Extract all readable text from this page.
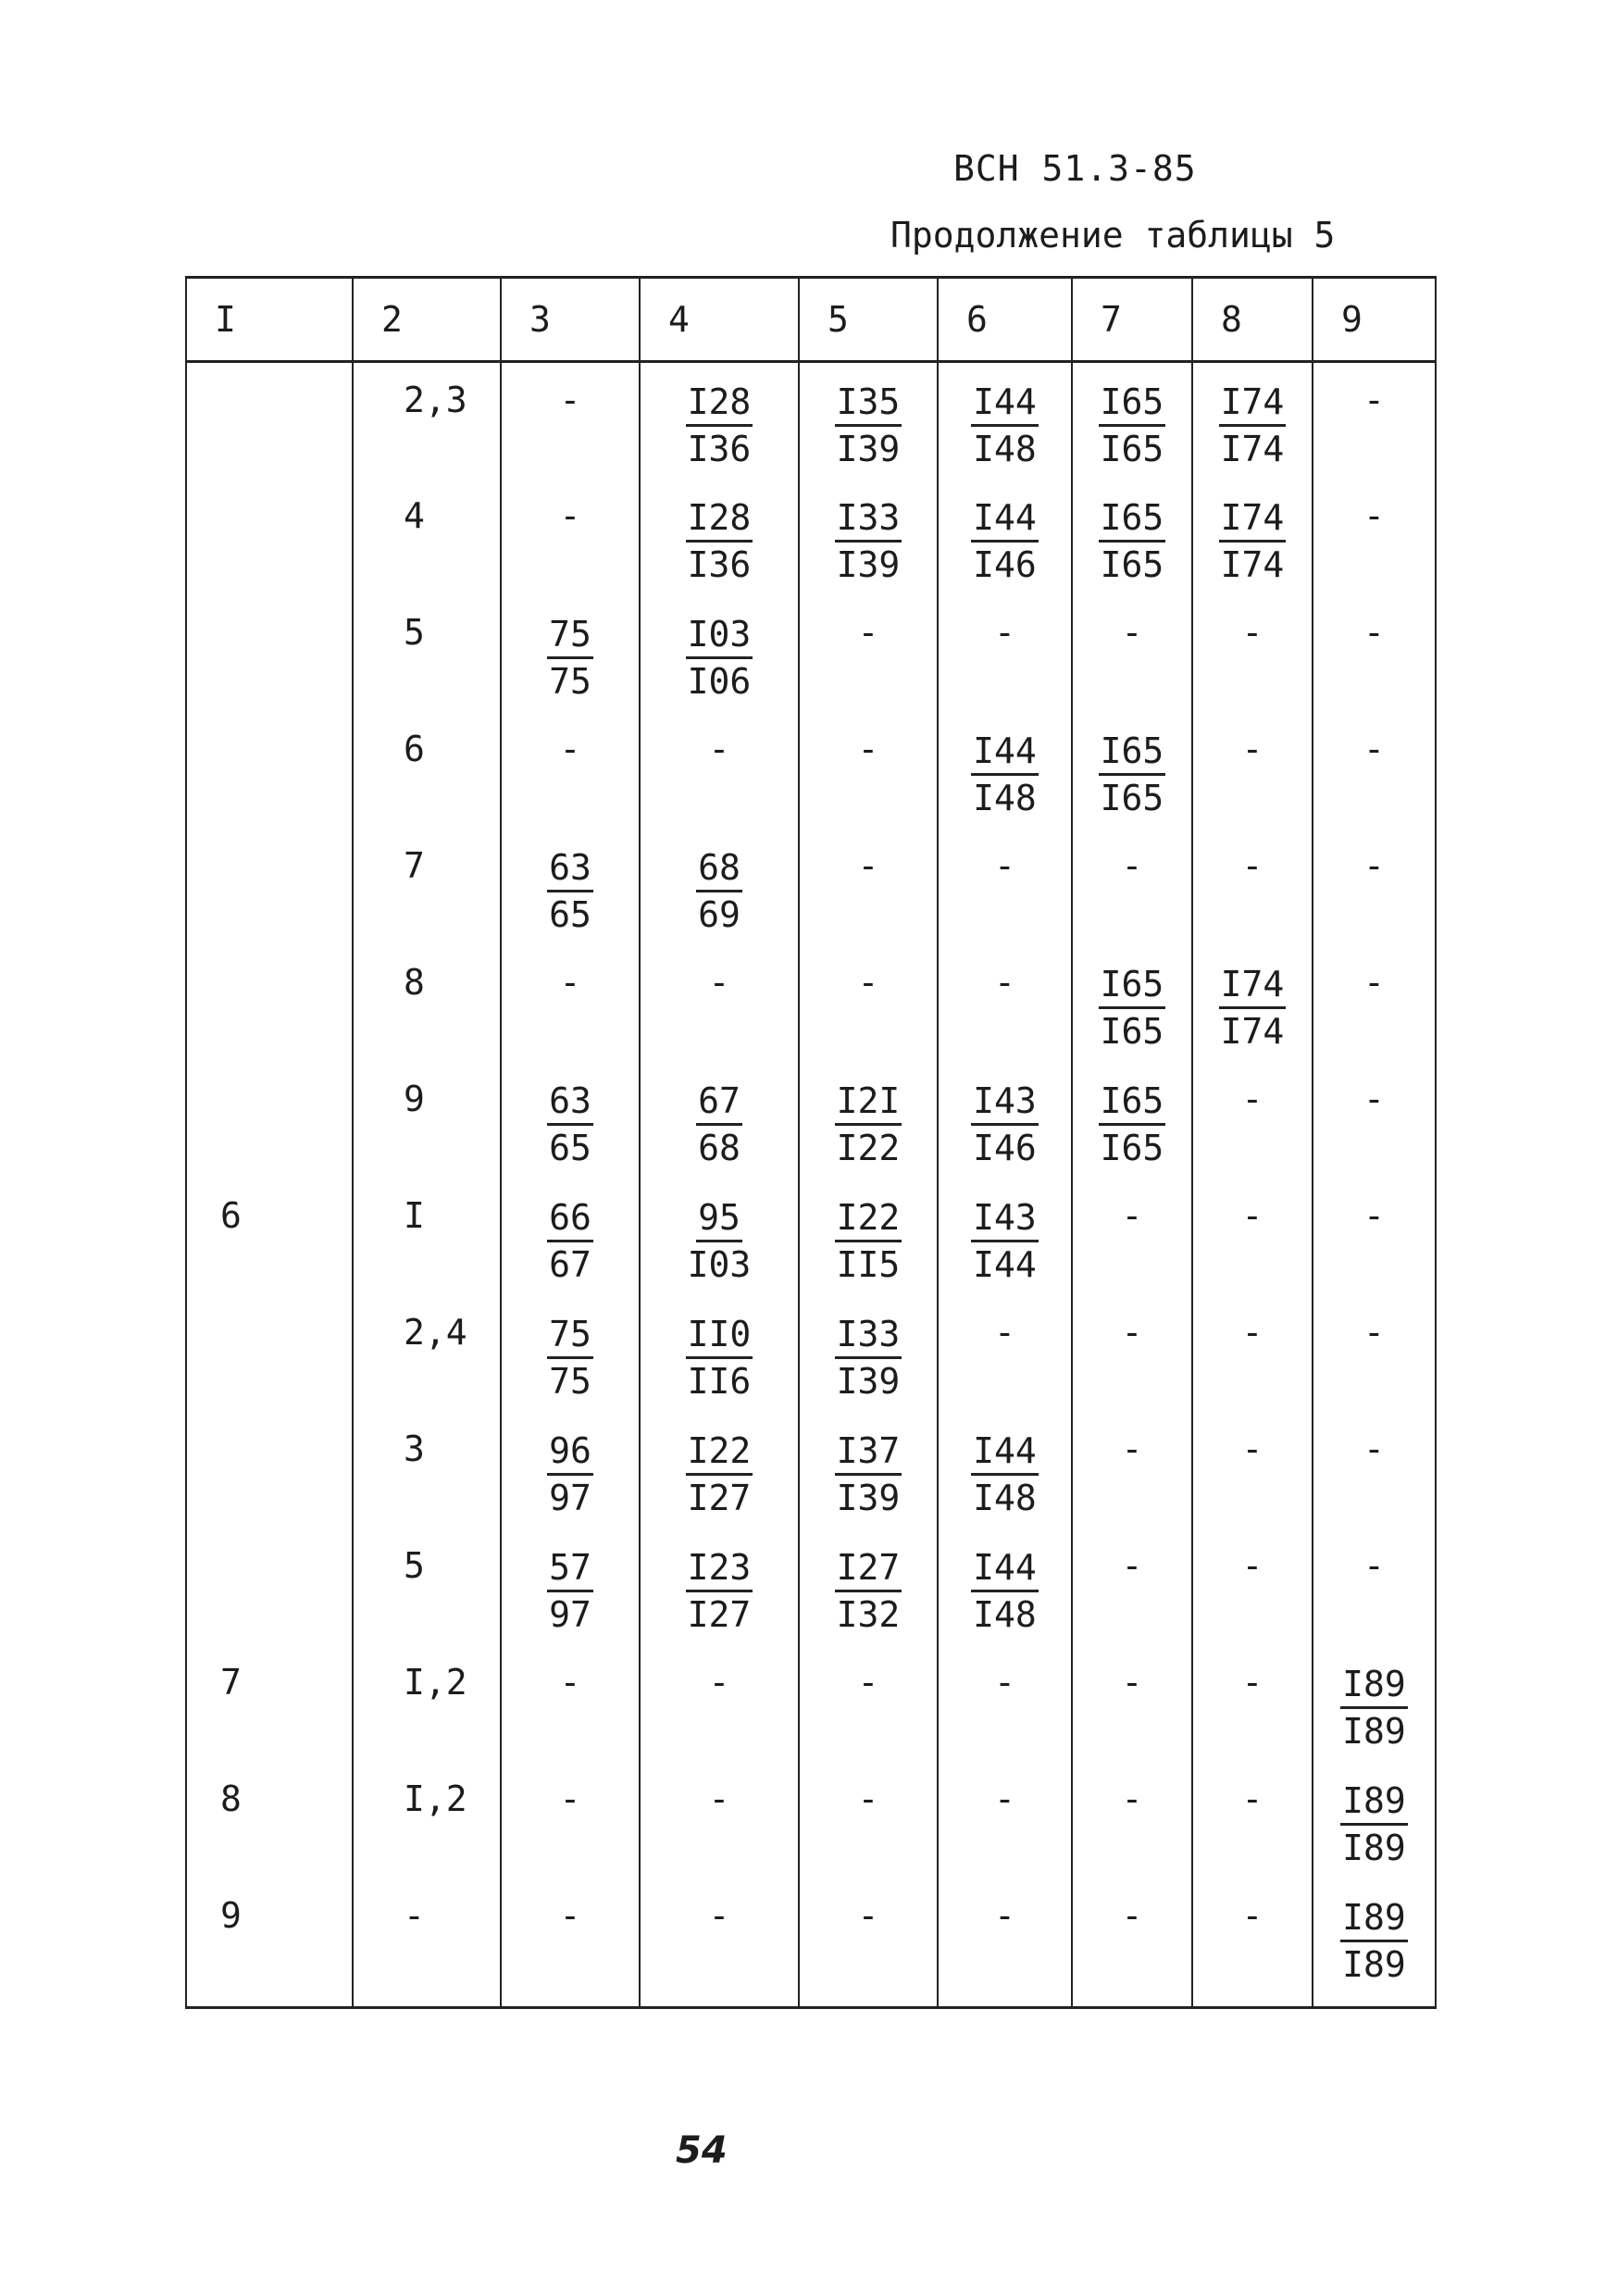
ВСН 51.3-85
Продолжение таблицы 5
I	2	3	4	5	6	7	8	9
	2,3	-	$\frac{I28}{I36}$	$\frac{I35}{I39}$	$\frac{I44}{I48}$	$\frac{I65}{I65}$	$\frac{I74}{I74}$	-
	4	-	$\frac{I28}{I36}$	$\frac{I33}{I39}$	$\frac{I44}{I46}$	$\frac{I65}{I65}$	$\frac{I74}{I74}$	-
	5	$\frac{75}{75}$	$\frac{I03}{I06}$	-	-	-	-	-
	6	-	-	-	$\frac{I44}{I48}$	$\frac{I65}{I65}$	-	-
	7	$\frac{63}{65}$	$\frac{68}{69}$	-	-	-	-	-
	8	-	-	-	-	$\frac{I65}{I65}$	$\frac{I74}{I74}$	-
	9	$\frac{63}{65}$	$\frac{67}{68}$	$\frac{I2I}{I22}$	$\frac{I43}{I46}$	$\frac{I65}{I65}$	-	-
6	I	$\frac{66}{67}$	$\frac{95}{I03}$	$\frac{I22}{II5}$	$\frac{I43}{I44}$	-	-	-
	2,4	$\frac{75}{75}$	$\frac{II0}{II6}$	$\frac{I33}{I39}$	-	-	-	-
	3	$\frac{96}{97}$	$\frac{I22}{I27}$	$\frac{I37}{I39}$	$\frac{I44}{I48}$	-	-	-
	5	$\frac{57}{97}$	$\frac{I23}{I27}$	$\frac{I27}{I32}$	$\frac{I44}{I48}$	-	-	-
7	I,2	-	-	-	-	-	-	$\frac{I89}{I89}$

8	I,2	-	-	-	-	-	-	$\frac{I89}{I89}$

9	-	-	-	-	-	-	-	$\frac{I89}{I89}$
54
